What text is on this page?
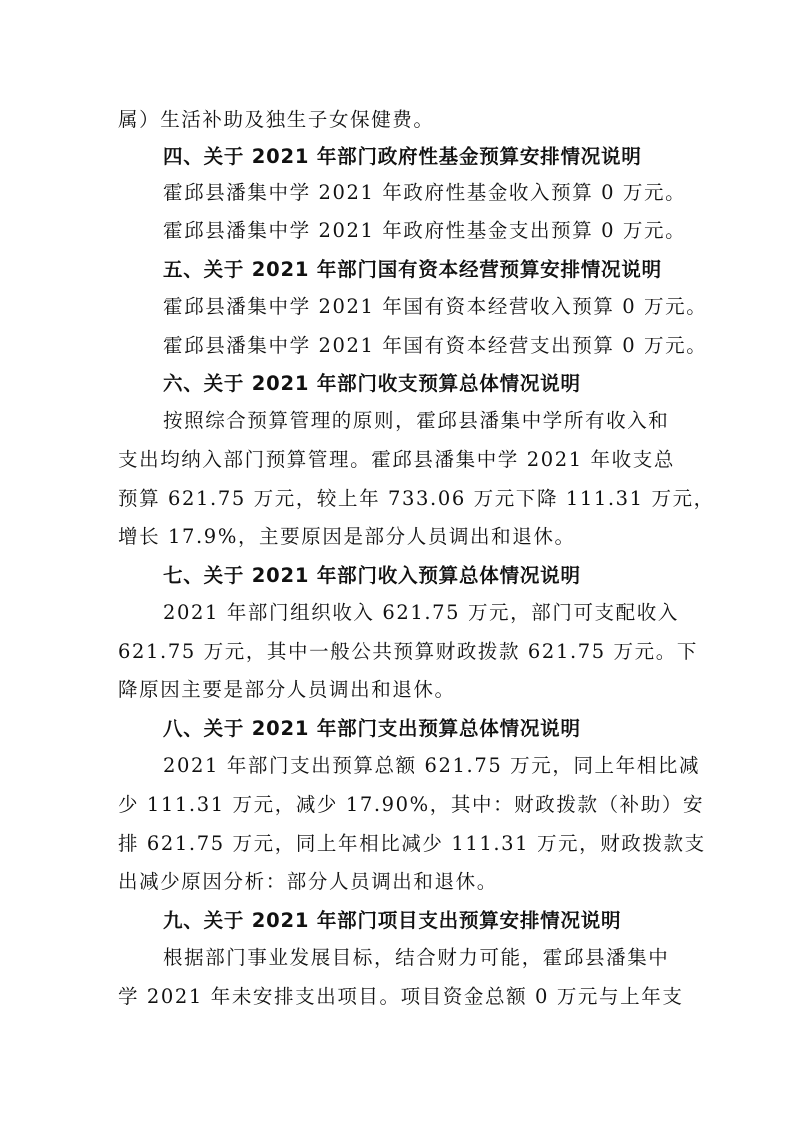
属）生活补助及独生子女保健费。
四、关于 2021 年部门政府性基金预算安排情况说明
霍邱县潘集中学 2021 年政府性基金收入预算 0 万元。
霍邱县潘集中学 2021 年政府性基金支出预算 0 万元。
五、关于 2021 年部门国有资本经营预算安排情况说明
霍邱县潘集中学 2021 年国有资本经营收入预算 0 万元。
霍邱县潘集中学 2021 年国有资本经营支出预算 0 万元。
六、关于 2021 年部门收支预算总体情况说明
按照综合预算管理的原则，霍邱县潘集中学所有收入和
支出均纳入部门预算管理。霍邱县潘集中学 2021 年收支总
预算 621.75 万元，较上年 733.06 万元下降 111.31 万元，
增长 17.9%，主要原因是部分人员调出和退休。
七、关于 2021 年部门收入预算总体情况说明
2021 年部门组织收入 621.75 万元，部门可支配收入
621.75 万元，其中一般公共预算财政拨款 621.75 万元。下
降原因主要是部分人员调出和退休。
八、关于 2021 年部门支出预算总体情况说明
2021 年部门支出预算总额 621.75 万元，同上年相比减
少 111.31 万元，减少 17.90%，其中：财政拨款（补助）安
排 621.75 万元，同上年相比减少 111.31 万元，财政拨款支
出减少原因分析：部分人员调出和退休。
九、关于 2021 年部门项目支出预算安排情况说明
根据部门事业发展目标，结合财力可能，霍邱县潘集中
学 2021 年未安排支出项目。项目资金总额 0 万元与上年支
